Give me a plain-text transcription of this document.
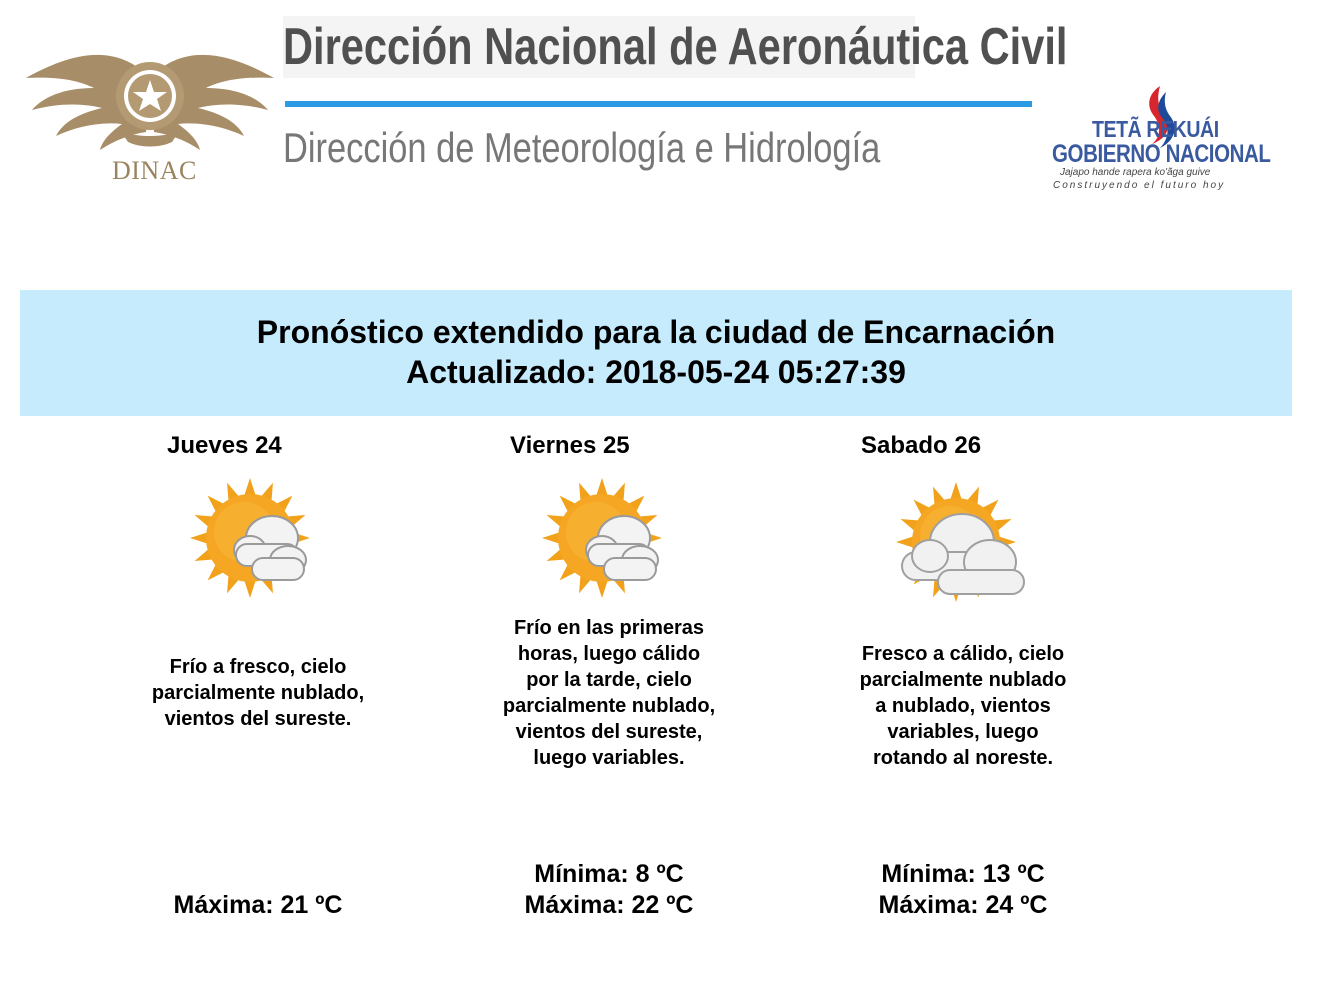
DINAC
Dirección Nacional de Aeronáutica Civil
Dirección de Meteorología e Hidrología	TETÃ REKUÁI
GOBIERNO NACIONAL
Jajapo hande rapera ko'ãga guive
Construyendo el futuro hoy
Pronóstico extendido para la ciudad de Encarnación
Actualizado: 2018-05-24 05:27:39
Jueves 24
Frío a fresco, cielo parcialmente nublado, vientos del sureste.
Máxima: 21 ºC
Viernes 25
Frío en las primeras horas, luego cálido por la tarde, cielo parcialmente nublado, vientos del sureste, luego variables.
Mínima: 8 ºC
Máxima: 22 ºC
Sabado 26
Fresco a cálido, cielo parcialmente nublado a nublado, vientos variables, luego rotando al noreste.
Mínima: 13 ºC
Máxima: 24 ºC
